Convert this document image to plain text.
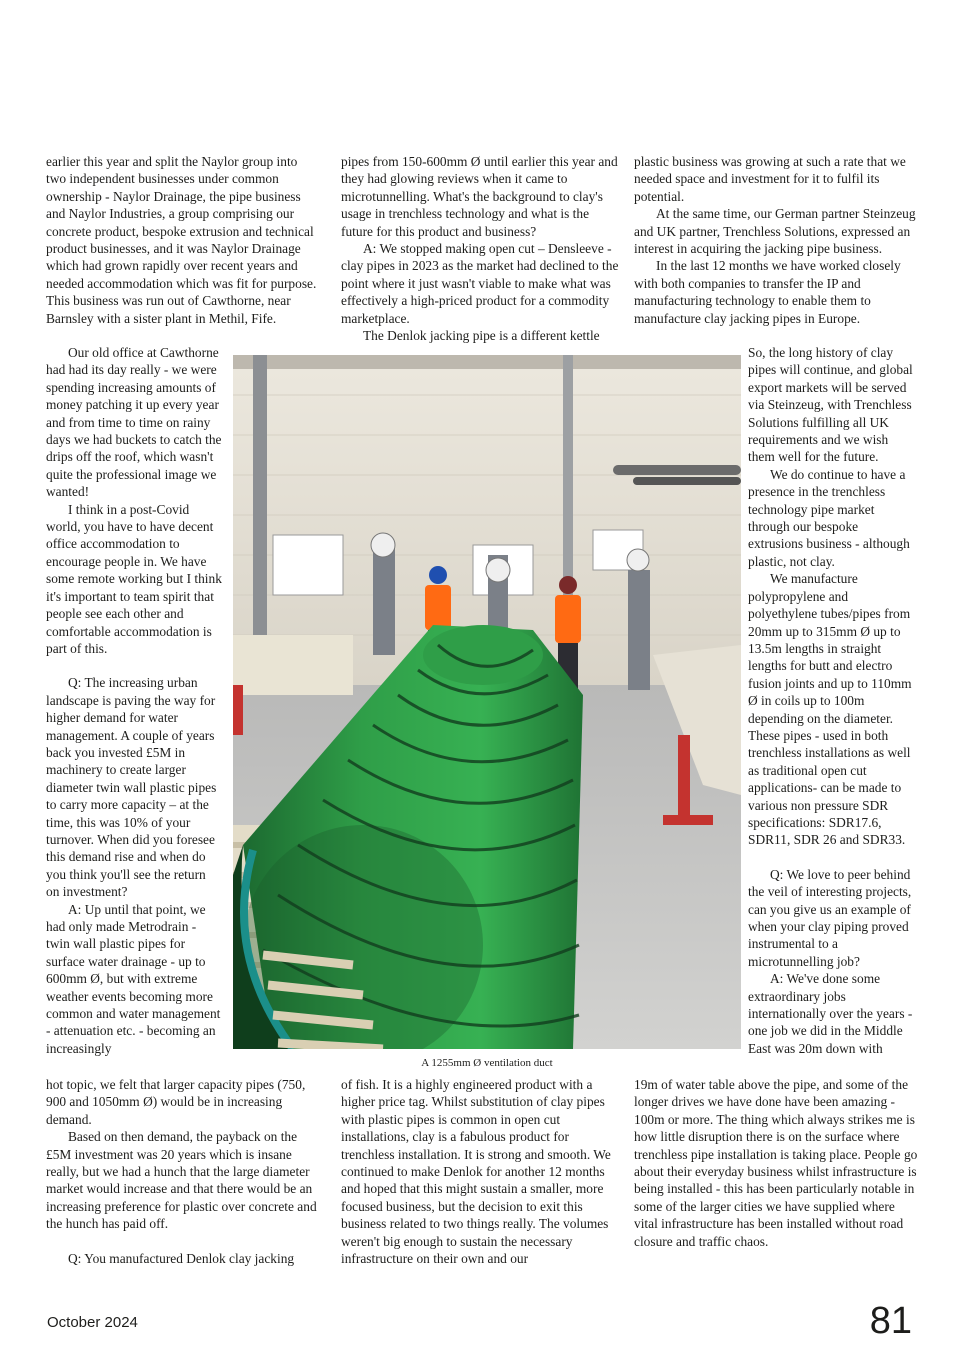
earlier this year and split the Naylor group into two independent businesses under common ownership - Naylor Drainage, the pipe business and Naylor Industries, a group comprising our concrete product, bespoke extrusion and technical product businesses, and it was Naylor Drainage which had grown rapidly over recent years and needed accommodation which was fit for purpose. This business was run out of Cawthorne, near Barnsley with a sister plant in Methil, Fife.

Our old office at Cawthorne had had its day really - we were spending increasing amounts of money patching it up every year and from time to time on rainy days we had buckets to catch the drips off the roof, which wasn't quite the professional image we wanted!

I think in a post-Covid world, you have to have decent office accommodation to encourage people in. We have some remote working but I think it's important to team spirit that people see each other and comfortable accommodation is part of this.

Q: The increasing urban landscape is paving the way for higher demand for water management. A couple of years back you invested £5M in machinery to create larger diameter twin wall plastic pipes to carry more capacity – at the time, this was 10% of your turnover. When did you foresee this demand rise and when do you think you'll see the return on investment?

A: Up until that point, we had only made Metrodrain - twin wall plastic pipes for surface water drainage - up to 600mm Ø, but with extreme weather events becoming more common and water management - attenuation etc. - becoming an increasingly

hot topic, we felt that larger capacity pipes (750, 900 and 1050mm Ø) would be in increasing demand.

Based on then demand, the payback on the £5M investment was 20 years which is insane really, but we had a hunch that the large diameter market would increase and that there would be an increasing preference for plastic over concrete and the hunch has paid off.

Q: You manufactured Denlok clay jacking

pipes from 150-600mm Ø until earlier this year and they had glowing reviews when it came to microtunnelling. What's the background to clay's usage in trenchless technology and what is the future for this product and business?

A: We stopped making open cut – Densleeve - clay pipes in 2023 as the market had declined to the point where it just wasn't viable to make what was effectively a high-priced product for a commodity marketplace.

The Denlok jacking pipe is a different kettle

of fish. It is a highly engineered product with a higher price tag. Whilst substitution of clay pipes with plastic pipes is common in open cut installations, clay is a fabulous product for trenchless installation. It is strong and smooth. We continued to make Denlok for another 12 months and hoped that this might sustain a smaller, more focused business, but the decision to exit this business related to two things really. The volumes weren't big enough to sustain the necessary infrastructure on their own and our

plastic business was growing at such a rate that we needed space and investment for it to fulfil its potential.

At the same time, our German partner Steinzeug and UK partner, Trenchless Solutions, expressed an interest in acquiring the jacking pipe business.

In the last 12 months we have worked closely with both companies to transfer the IP and manufacturing technology to enable them to manufacture clay jacking pipes in Europe.

So, the long history of clay pipes will continue, and global export markets will be served via Steinzeug, with Trenchless Solutions fulfilling all UK requirements and we wish them well for the future.

We do continue to have a presence in the trenchless technology pipe market through our bespoke extrusions business - although plastic, not clay.

We manufacture polypropylene and polyethylene tubes/pipes from 20mm up to 315mm Ø up to 13.5m lengths in straight lengths for butt and electro fusion joints and up to 110mm Ø in coils up to 100m depending on the diameter. These pipes - used in both trenchless installations as well as traditional open cut applications- can be made to various non pressure SDR specifications: SDR17.6, SDR11, SDR 26 and SDR33.

Q: We love to peer behind the veil of interesting projects, can you give us an example of when your clay piping proved instrumental to a microtunnelling job?

A: We've done some extraordinary jobs internationally over the years - one job we did in the Middle East was 20m down with

19m of water table above the pipe, and some of the longer drives we have done have been amazing - 100m or more. The thing which always strikes me is how little disruption there is on the surface where trenchless pipe installation is taking place. People go about their everyday business whilst infrastructure is being installed - this has been particularly notable in some of the larger cities we have supplied where vital infrastructure has been installed without road closure and traffic chaos.

A 1255mm Ø ventilation duct
October 2024	81
